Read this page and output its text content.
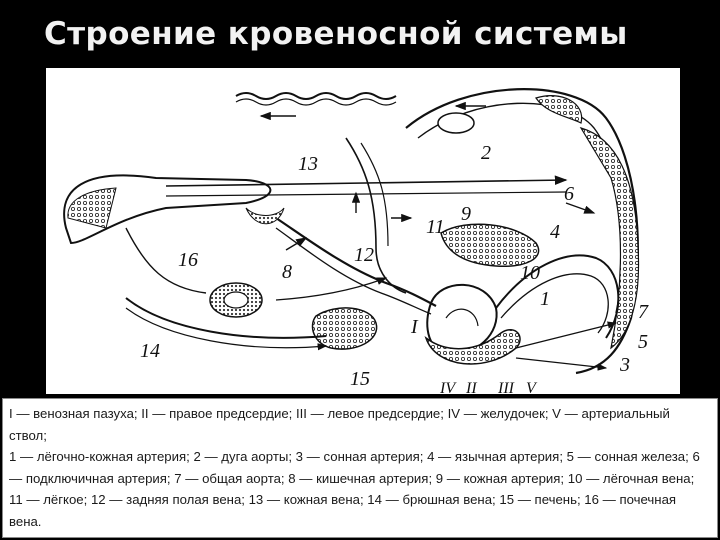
Строение кровеносной системы
13	2
6
9
11	4
12
16
8	10
1
7
5
3
14
15
I
IV II III V

I — венозная пазуха; II — правое предсердие; III — левое предсердие; IV — желудочек; V — артериальный ствол;

1 — лёгочно-кожная артерия; 2 — дуга аорты; 3 — сонная артерия; 4 — язычная артерия; 5 — сонная железа; 6 — подключичная артерия; 7 — общая аорта; 8 — кишечная артерия; 9 — кожная артерия; 10 — лёгочная вена; 11 — лёгкое; 12 — задняя полая вена; 13 — кожная вена; 14 — брюшная вена; 15 — печень; 16 — почечная вена.
